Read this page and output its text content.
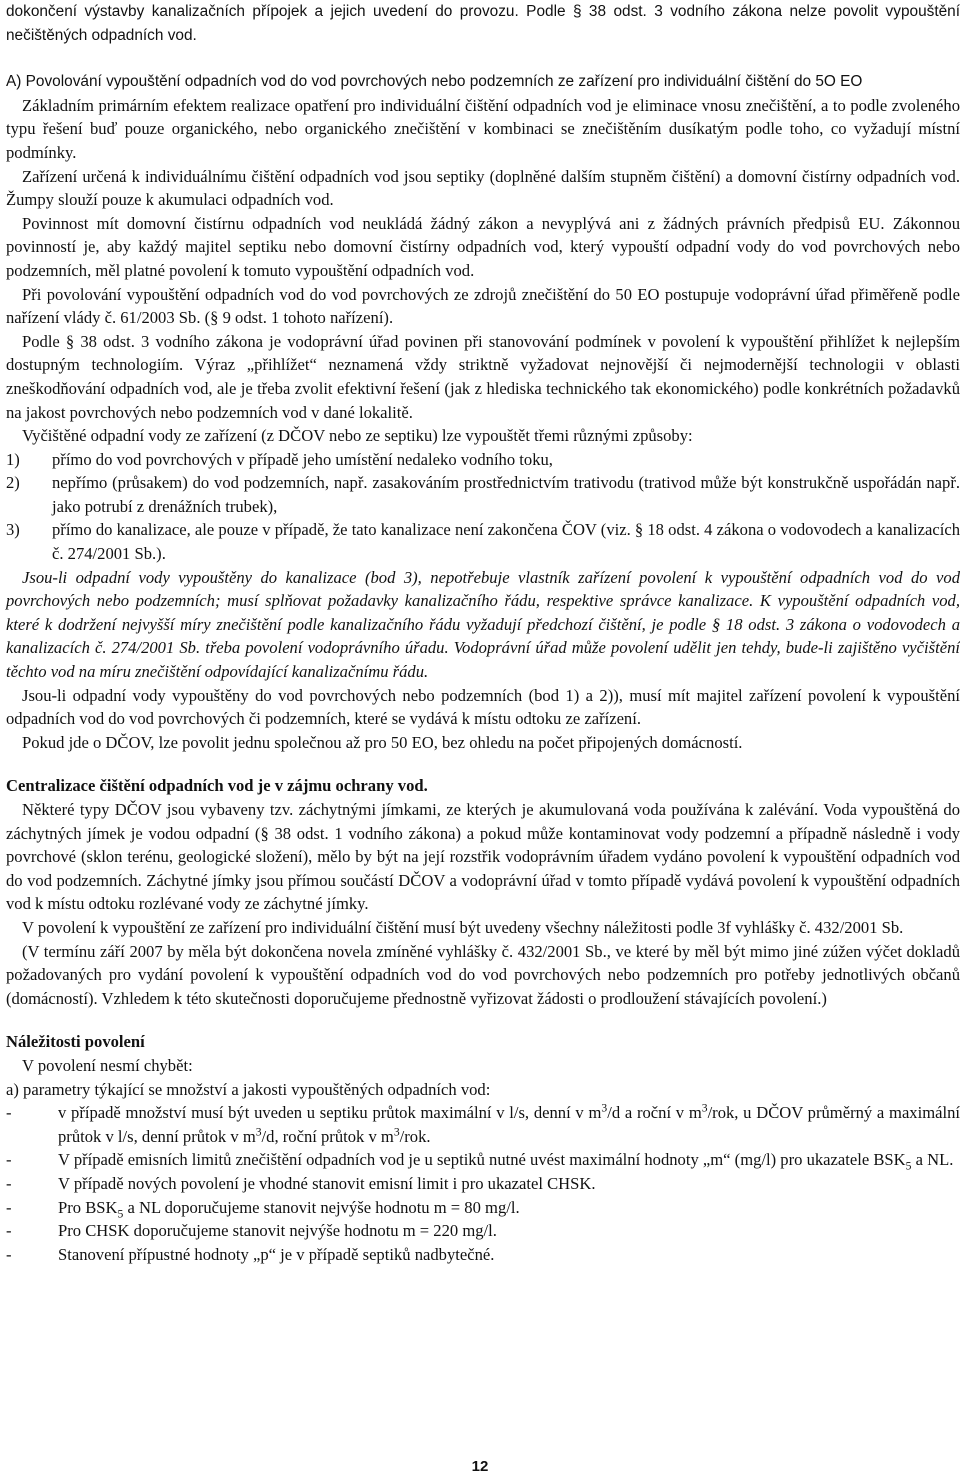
dokončení výstavby kanalizačních přípojek a jejich uvedení do provozu. Podle § 38 odst. 3 vodního zákona nelze povolit vypouštění nečištěných odpadních vod.

A) Povolování vypouštění odpadních vod do vod povrchových nebo podzemních ze zařízení pro individuální čištění do 5O EO

Základním primárním efektem realizace opatření pro individuální čištění odpadních vod je eliminace vnosu znečištění, a to podle zvoleného typu řešení buď pouze organického, nebo organického znečištění v kombinaci se znečištěním dusíkatým podle toho, co vyžadují místní podmínky.

Zařízení určená k individuálnímu čištění odpadních vod jsou septiky (doplněné dalším stupněm čištění) a domovní čistírny odpadních vod. Žumpy slouží pouze k akumulaci odpadních vod.

Povinnost mít domovní čistírnu odpadních vod neukládá žádný zákon a nevyplývá ani z žádných právních předpisů EU. Zákonnou povinností je, aby každý majitel septiku nebo domovní čistírny odpadních vod, který vypouští odpadní vody do vod povrchových nebo podzemních, měl platné povolení k tomuto vypouštění odpadních vod.

Při povolování vypouštění odpadních vod do vod povrchových ze zdrojů znečištění do 50 EO postupuje vodoprávní úřad přiměřeně podle nařízení vlády č. 61/2003 Sb. (§ 9 odst. 1 tohoto nařízení).

Podle § 38 odst. 3 vodního zákona je vodoprávní úřad povinen při stanovování podmínek v povolení k vypouštění přihlížet k nejlepším dostupným technologiím. Výraz „přihlížet“ neznamená vždy striktně vyžadovat nejnovější či nejmodernější technologii v oblasti zneškodňování odpadních vod, ale je třeba zvolit efektivní řešení (jak z hlediska technického tak ekonomického) podle konkrétních požadavků na jakost povrchových nebo podzemních vod v dané lokalitě.

Vyčištěné odpadní vody ze zařízení (z DČOV nebo ze septiku) lze vypouštět třemi různými způsoby:

1)	přímo do vod povrchových v případě jeho umístění nedaleko vodního toku,
2)	nepřímo (průsakem) do vod podzemních, např. zasakováním prostřednictvím trativodu (trativod může být konstrukčně uspořádán např. jako potrubí z drenážních trubek),
3)	přímo do kanalizace, ale pouze v případě, že tato kanalizace není zakončena ČOV (viz. § 18 odst. 4 zákona o vodovodech a kanalizacích č. 274/2001 Sb.).

Jsou-li odpadní vody vypouštěny do kanalizace (bod 3), nepotřebuje vlastník zařízení povolení k vypouštění odpadních vod do vod povrchových nebo podzemních; musí splňovat požadavky kanalizačního řádu, respektive správce kanalizace. K vypouštění odpadních vod, které k dodržení nejvyšší míry znečištění podle kanalizačního řádu vyžadují předchozí čištění, je podle § 18 odst. 3 zákona o vodovodech a kanalizacích č. 274/2001 Sb. třeba povolení vodoprávního úřadu. Vodoprávní úřad může povolení udělit jen tehdy, bude-li zajištěno vyčištění těchto vod na míru znečištění odpovídající kanalizačnímu řádu.

Jsou-li odpadní vody vypouštěny do vod povrchových nebo podzemních (bod 1) a 2)), musí mít majitel zařízení povolení k vypouštění odpadních vod do vod povrchových či podzemních, které se vydává k místu odtoku ze zařízení.

Pokud jde o DČOV, lze povolit jednu společnou až pro 50 EO, bez ohledu na počet připojených domácností.

Centralizace čištění odpadních vod je v zájmu ochrany vod.

Některé typy DČOV jsou vybaveny tzv. záchytnými jímkami, ze kterých je akumulovaná voda používána k zalévání. Voda vypouštěná do záchytných jímek je vodou odpadní (§ 38 odst. 1 vodního zákona) a pokud může kontaminovat vody podzemní a případně následně i vody povrchové (sklon terénu, geologické složení), mělo by být na její rozstřik vodoprávním úřadem vydáno povolení k vypouštění odpadních vod do vod podzemních. Záchytné jímky jsou přímou součástí DČOV a vodoprávní úřad v tomto případě vydává povolení k vypouštění odpadních vod k místu odtoku rozlévané vody ze záchytné jímky.

V povolení k vypouštění ze zařízení pro individuální čištění musí být uvedeny všechny náležitosti podle 3f vyhlášky č. 432/2001 Sb.

(V termínu září 2007 by měla být dokončena novela zmíněné vyhlášky č. 432/2001 Sb., ve které by měl být mimo jiné zúžen výčet dokladů požadovaných pro vydání povolení k vypouštění odpadních vod do vod povrchových nebo podzemních pro potřeby jednotlivých občanů (domácností). Vzhledem k této skutečnosti doporučujeme přednostně vyřizovat žádosti o prodloužení stávajících povolení.)

Náležitosti povolení

V povolení nesmí chybět:

a) parametry týkající se množství a jakosti vypouštěných odpadních vod:

-	v případě množství musí být uveden u septiku průtok maximální v l/s, denní v $m^3/d$ a roční v $m^3$/rok, u DČOV průměrný a maximální průtok v l/s, denní průtok v $m^3/d$, roční průtok v $m^3$/rok.
-	V případě emisních limitů znečištění odpadních vod je u septiků nutné uvést maximální hodnoty „m“ (mg/l) pro ukazatele $BSK_5$ a NL.
-	V případě nových povolení je vhodné stanovit emisní limit i pro ukazatel CHSK.
-	Pro $BSK_5$ a NL doporučujeme stanovit nejvýše hodnotu m = 80 mg/l.
-	Pro CHSK doporučujeme stanovit nejvýše hodnotu m = 220 mg/l.
-	Stanovení přípustné hodnoty „p“ je v případě septiků nadbytečné.
12
